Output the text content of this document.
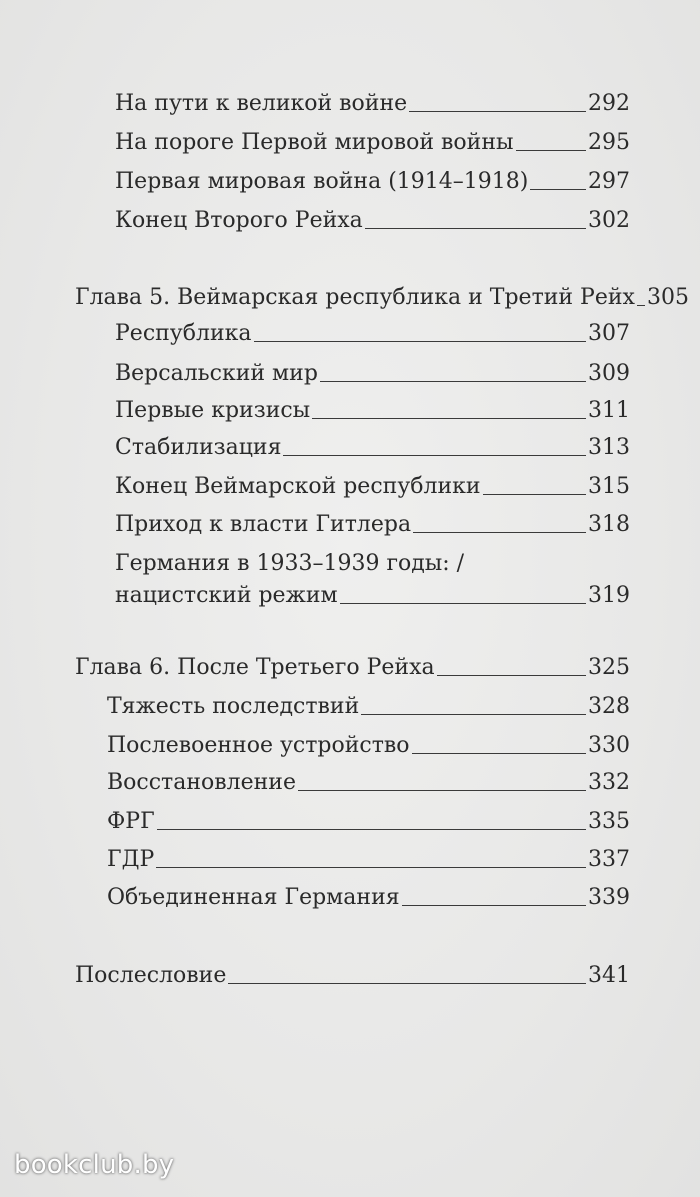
На пути к великой войне	292
На пороге Первой мировой войны	295
Первая мировая война (1914–1918)	297
Конец Второго Рейха	302
Глава 5. Веймарская республика и Третий Рейх 305
Республика	307
Версальский мир	309
Первые кризисы	311
Стабилизация	313
Конец Веймарской республики	315
Приход к власти Гитлера	318
Германия в 1933–1939 годы: /
нацистский режим	319
Глава 6. После Третьего Рейха	325
Тяжесть последствий	328
Послевоенное устройство	330
Восстановление	332
ФРГ	335
ГДР	337
Объединенная Германия	339
Послесловие	341
bookclub.by
